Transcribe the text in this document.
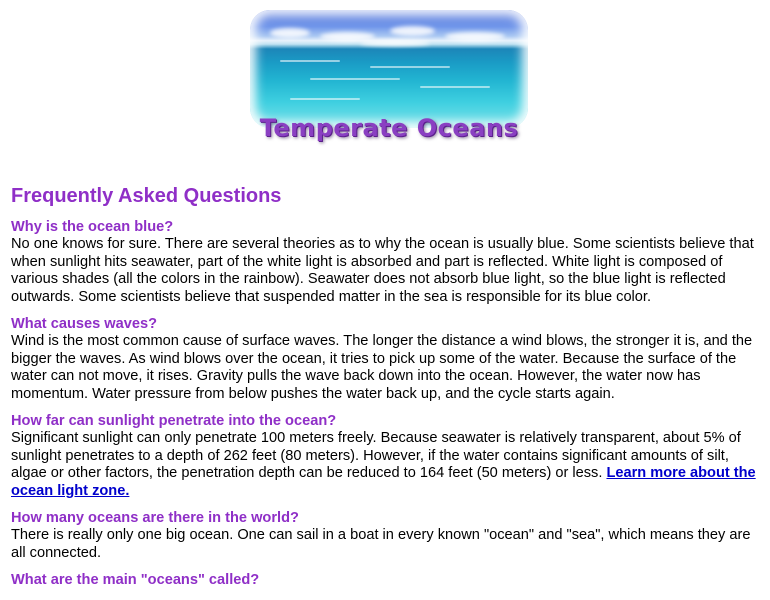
Temperate Oceans
Frequently Asked Questions
Why is the ocean blue?
No one knows for sure. There are several theories as to why the ocean is usually blue. Some scientists believe that when sunlight hits seawater, part of the white light is absorbed and part is reflected. White light is composed of various shades (all the colors in the rainbow). Seawater does not absorb blue light, so the blue light is reflected outwards. Some scientists believe that suspended matter in the sea is responsible for its blue color.
What causes waves?
Wind is the most common cause of surface waves. The longer the distance a wind blows, the stronger it is, and the bigger the waves. As wind blows over the ocean, it tries to pick up some of the water. Because the surface of the water can not move, it rises. Gravity pulls the wave back down into the ocean. However, the water now has momentum. Water pressure from below pushes the water back up, and the cycle starts again.
How far can sunlight penetrate into the ocean?
Significant sunlight can only penetrate 100 meters freely. Because seawater is relatively transparent, about 5% of sunlight penetrates to a depth of 262 feet (80 meters). However, if the water contains significant amounts of silt, algae or other factors, the penetration depth can be reduced to 164 feet (50 meters) or less. Learn more about the ocean light zone.
How many oceans are there in the world?
There is really only one big ocean. One can sail in a boat in every known "ocean" and "sea", which means they are all connected.
What are the main "oceans" called?
